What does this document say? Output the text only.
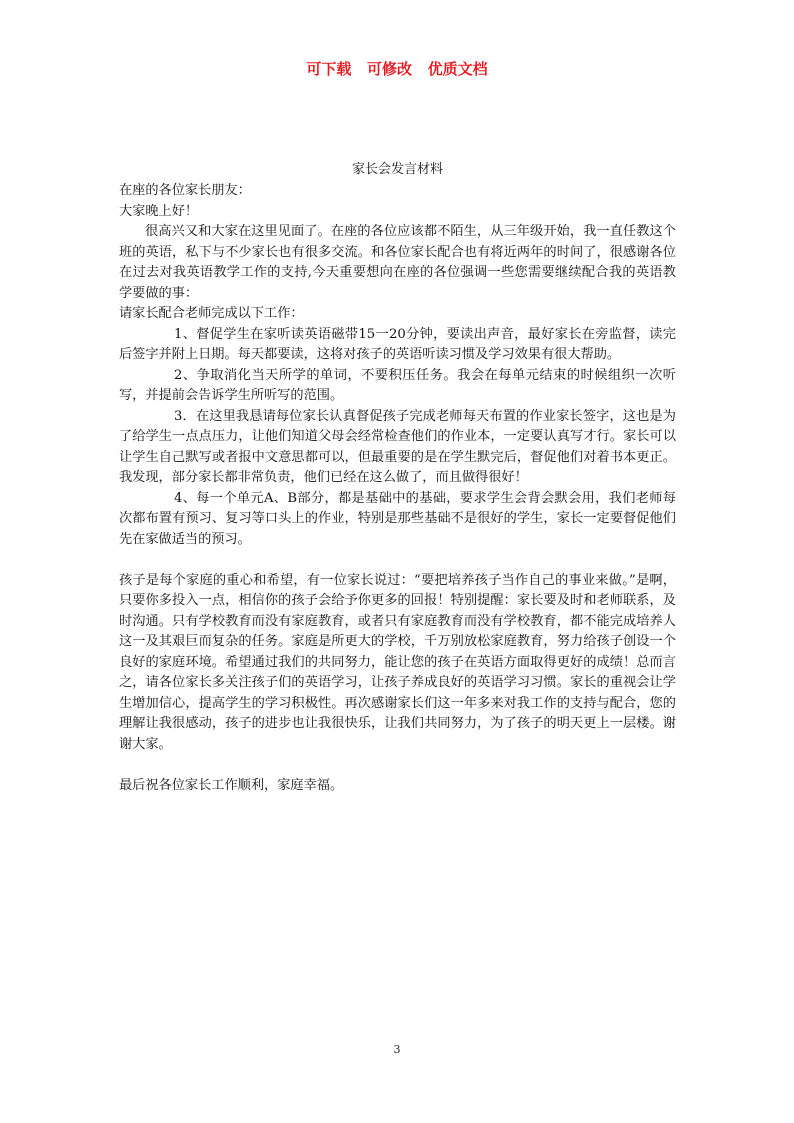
可下载   可修改   优质文档

家长会发言材料

在座的各位家长朋友：

大家晚上好！

很高兴又和大家在这里见面了。在座的各位应该都不陌生，从三年级开始，我一直任教这个班的英语，私下与不少家长也有很多交流。和各位家长配合也有将近两年的时间了，很感谢各位在过去对我英语教学工作的支持,今天重要想向在座的各位强调一些您需要继续配合我的英语教学要做的事：

请家长配合老师完成以下工作：

1、督促学生在家听读英语磁带15一20分钟，要读出声音，最好家长在旁监督，读完后签字并附上日期。每天都要读，这将对孩子的英语听读习惯及学习效果有很大帮助。

2、争取消化当天所学的单词，不要积压任务。我会在每单元结束的时候组织一次听写，并提前会告诉学生所听写的范围。

3．在这里我恳请每位家长认真督促孩子完成老师每天布置的作业家长签字，这也是为了给学生一点点压力，让他们知道父母会经常检查他们的作业本，一定要认真写才行。家长可以让学生自己默写或者报中文意思都可以，但最重要的是在学生默完后，督促他们对着书本更正。我发现，部分家长都非常负责，他们已经在这么做了，而且做得很好！

4、每一个单元A、B部分，都是基础中的基础，要求学生会背会默会用，我们老师每次都布置有预习、复习等口头上的作业，特别是那些基础不是很好的学生，家长一定要督促他们先在家做适当的预习。

孩子是每个家庭的重心和希望，有一位家长说过：“要把培养孩子当作自己的事业来做。”是啊，只要你多投入一点，相信你的孩子会给予你更多的回报！特别提醒：家长要及时和老师联系，及时沟通。只有学校教育而没有家庭教育，或者只有家庭教育而没有学校教育，都不能完成培养人这一及其艰巨而复杂的任务。家庭是所更大的学校，千万别放松家庭教育，努力给孩子创设一个良好的家庭环境。希望通过我们的共同努力，能让您的孩子在英语方面取得更好的成绩！总而言之，请各位家长多关注孩子们的英语学习，让孩子养成良好的英语学习习惯。家长的重视会让学生增加信心，提高学生的学习积极性。再次感谢家长们这一年多来对我工作的支持与配合，您的理解让我很感动，孩子的进步也让我很快乐，让我们共同努力，为了孩子的明天更上一层楼。谢谢大家。

最后祝各位家长工作顺利，家庭幸福。

3
